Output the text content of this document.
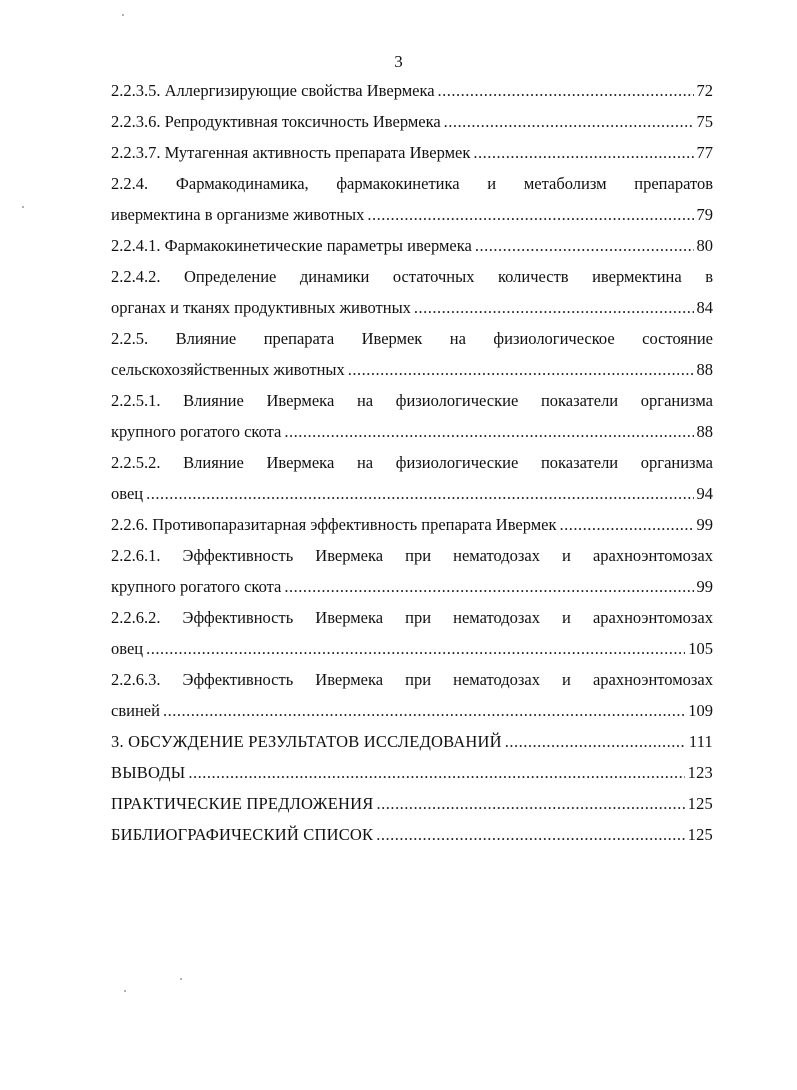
3
2.2.3.5. Аллергизирующие свойства Ивермека .....	72
2.2.3.6. Репродуктивная токсичность Ивермека .....	75
2.2.3.7. Мутагенная активность препарата Ивермек .....	77
2.2.4. Фармакодинамика, фармакокинетика и метаболизм препаратов
ивермектина в организме животных .....	79
2.2.4.1. Фармакокинетические параметры ивермека .....	80
2.2.4.2. Определение динамики остаточных количеств ивермектина в
органах и тканях продуктивных животных .....	84
2.2.5. Влияние препарата Ивермек на физиологическое состояние
сельскохозяйственных животных .....	88
2.2.5.1. Влияние Ивермека на физиологические показатели организма
крупного рогатого скота .....	88
2.2.5.2. Влияние Ивермека на физиологические показатели организма
овец .....	94
2.2.6. Противопаразитарная эффективность препарата Ивермек .....	99
2.2.6.1. Эффективность Ивермека при нематодозах и арахноэнтомозах
крупного рогатого скота .....	99
2.2.6.2. Эффективность Ивермека при нематодозах и арахноэнтомозах
овец .....	105
2.2.6.3. Эффективность Ивермека при нематодозах и арахноэнтомозах
свиней .....	109
3. ОБСУЖДЕНИЕ РЕЗУЛЬТАТОВ ИССЛЕДОВАНИЙ .....	111
ВЫВОДЫ .....	123
ПРАКТИЧЕСКИЕ ПРЕДЛОЖЕНИЯ .....	125
БИБЛИОГРАФИЧЕСКИЙ СПИСОК .....	125
